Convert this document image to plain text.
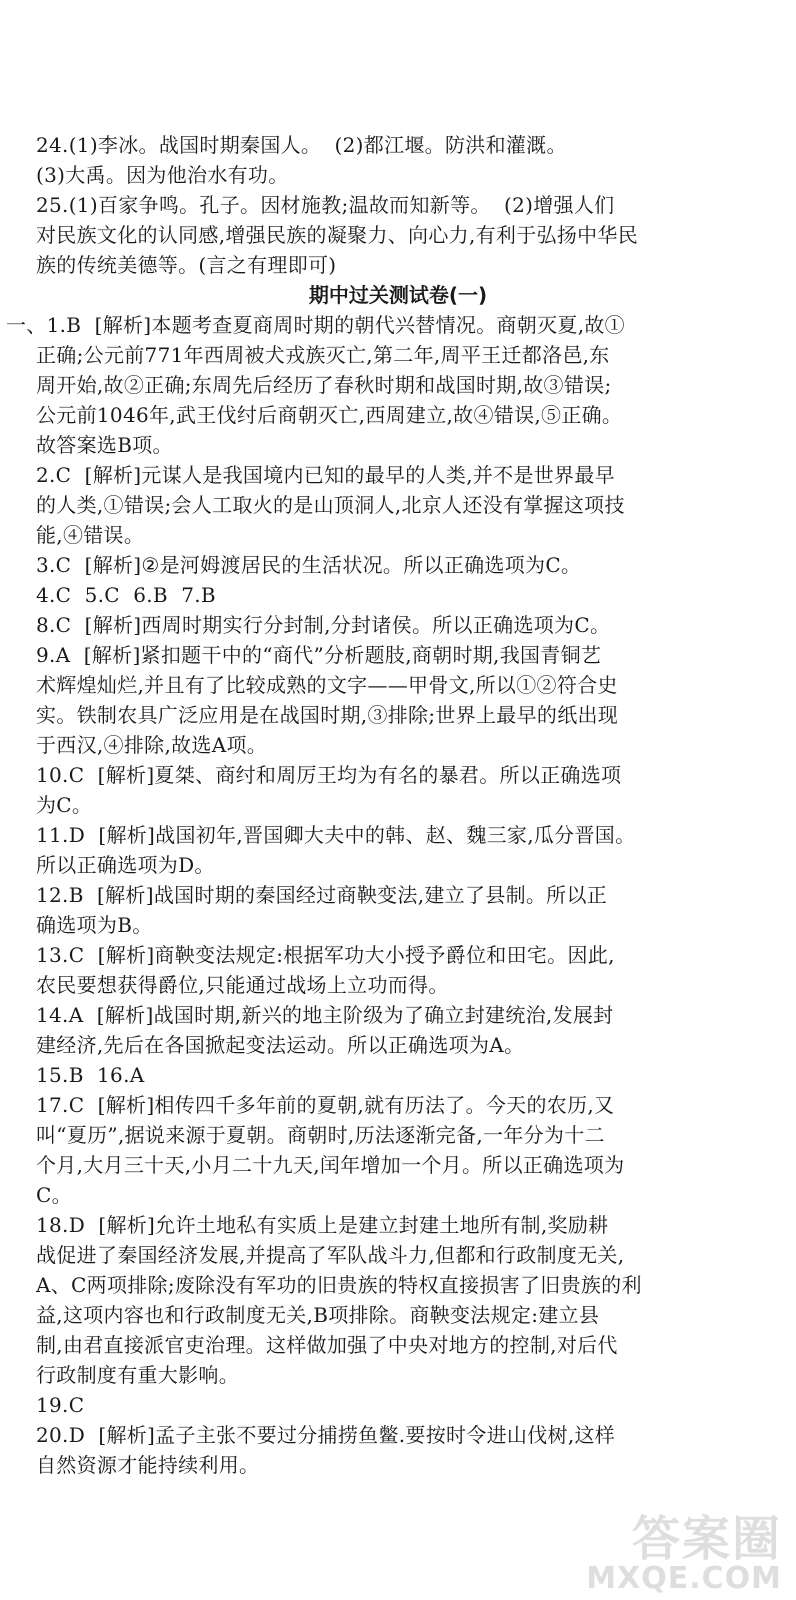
24.(1)李冰。战国时期秦国人。  (2)都江堰。防洪和灌溉。
(3)大禹。因为他治水有功。
25.(1)百家争鸣。孔子。因材施教;温故而知新等。  (2)增强人们
对民族文化的认同感,增强民族的凝聚力、向心力,有利于弘扬中华民
族的传统美德等。(言之有理即可)
期中过关测试卷(一)
一、1.B  [解析]本题考查夏商周时期的朝代兴替情况。商朝灭夏,故①
正确;公元前771年西周被犬戎族灭亡,第二年,周平王迁都洛邑,东
周开始,故②正确;东周先后经历了春秋时期和战国时期,故③错误;
公元前1046年,武王伐纣后商朝灭亡,西周建立,故④错误,⑤正确。
故答案选B项。
2.C  [解析]元谋人是我国境内已知的最早的人类,并不是世界最早
的人类,①错误;会人工取火的是山顶洞人,北京人还没有掌握这项技
能,④错误。
3.C  [解析]②是河姆渡居民的生活状况。所以正确选项为C。
4.C  5.C  6.B  7.B
8.C  [解析]西周时期实行分封制,分封诸侯。所以正确选项为C。
9.A  [解析]紧扣题干中的“商代”分析题肢,商朝时期,我国青铜艺
术辉煌灿烂,并且有了比较成熟的文字——甲骨文,所以①②符合史
实。铁制农具广泛应用是在战国时期,③排除;世界上最早的纸出现
于西汉,④排除,故选A项。
10.C  [解析]夏桀、商纣和周厉王均为有名的暴君。所以正确选项
为C。
11.D  [解析]战国初年,晋国卿大夫中的韩、赵、魏三家,瓜分晋国。
所以正确选项为D。
12.B  [解析]战国时期的秦国经过商鞅变法,建立了县制。所以正
确选项为B。
13.C  [解析]商鞅变法规定:根据军功大小授予爵位和田宅。因此,
农民要想获得爵位,只能通过战场上立功而得。
14.A  [解析]战国时期,新兴的地主阶级为了确立封建统治,发展封
建经济,先后在各国掀起变法运动。所以正确选项为A。
15.B  16.A
17.C  [解析]相传四千多年前的夏朝,就有历法了。今天的农历,又
叫“夏历”,据说来源于夏朝。商朝时,历法逐渐完备,一年分为十二
个月,大月三十天,小月二十九天,闰年增加一个月。所以正确选项为
C。
18.D  [解析]允许土地私有实质上是建立封建土地所有制,奖励耕
战促进了秦国经济发展,并提高了军队战斗力,但都和行政制度无关,
A、C两项排除;废除没有军功的旧贵族的特权直接损害了旧贵族的利
益,这项内容也和行政制度无关,B项排除。商鞅变法规定:建立县
制,由君直接派官吏治理。这样做加强了中央对地方的控制,对后代
行政制度有重大影响。
19.C
20.D  [解析]孟子主张不要过分捕捞鱼鳖.要按时令进山伐树,这样
自然资源才能持续利用。
答案圈
MXQE.COM
